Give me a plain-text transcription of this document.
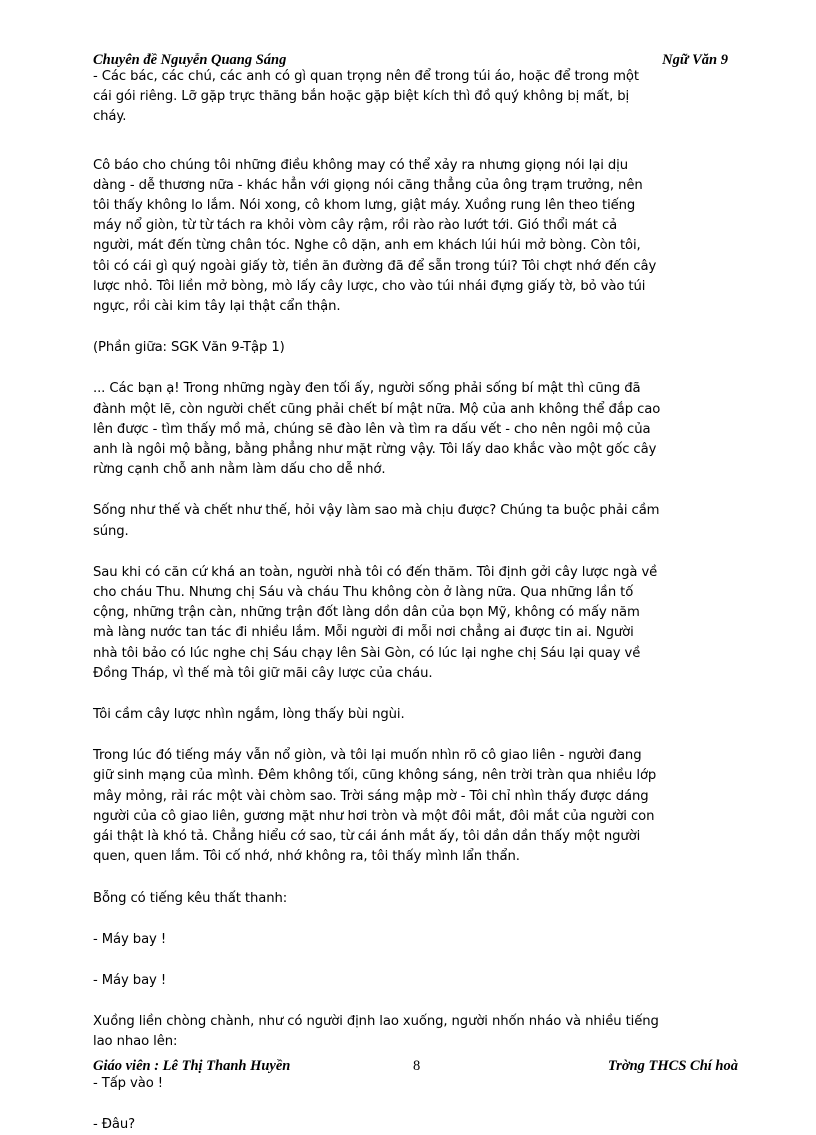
Chuyên đề Nguyễn Quang Sáng	Ngữ Văn 9

- Các bác, các chú, các anh có gì quan trọng nên để trong túi áo, hoặc để trong một
cái gói riêng. Lỡ gặp trực thăng bắn hoặc gặp biệt kích thì đồ quý không bị mất, bị
cháy.

Cô báo cho chúng tôi những điều không may có thể xảy ra nhưng giọng nói lại dịu
dàng - dễ thương nữa - khác hẳn với giọng nói căng thẳng của ông trạm trưởng, nên
tôi thấy không lo lắm. Nói xong, cô khom lưng, giật máy. Xuồng rung lên theo tiếng
máy nổ giòn, từ từ tách ra khỏi vòm cây rậm, rồi rào rào lướt tới. Gió thổi mát cả
người, mát đến từng chân tóc. Nghe cô dặn, anh em khách lúi húi mở bòng. Còn tôi,
tôi có cái gì quý ngoài giấy tờ, tiền ăn đường đã để sẵn trong túi? Tôi chợt nhớ đến cây
lược nhỏ. Tôi liền mở bòng, mò lấy cây lược, cho vào túi nhái đựng giấy tờ, bỏ vào túi
ngực, rồi cài kim tây lại thật cẩn thận.

(Phần giữa: SGK Văn 9-Tập 1)

... Các bạn ạ! Trong những ngày đen tối ấy, người sống phải sống bí mật thì cũng đã
đành một lẽ, còn người chết cũng phải chết bí mật nữa. Mộ của anh không thể đắp cao
lên được - tìm thấy mồ mả, chúng sẽ đào lên và tìm ra dấu vết - cho nên ngôi mộ của
anh là ngôi mộ bằng, bằng phẳng như mặt rừng vậy. Tôi lấy dao khắc vào một gốc cây
rừng cạnh chỗ anh nằm làm dấu cho dễ nhớ.

Sống như thế và chết như thế, hỏi vậy làm sao mà chịu được? Chúng ta buộc phải cầm
súng.

Sau khi có căn cứ khá an toàn, người nhà tôi có đến thăm. Tôi định gởi cây lược ngà về
cho cháu Thu. Nhưng chị Sáu và cháu Thu không còn ở làng nữa. Qua những lần tố
cộng, những trận càn, những trận đốt làng dồn dân của bọn Mỹ, không có mấy năm
mà làng nước tan tác đi nhiều lắm. Mỗi người đi mỗi nơi chẳng ai được tin ai. Người
nhà tôi bảo có lúc nghe chị Sáu chạy lên Sài Gòn, có lúc lại nghe chị Sáu lại quay về
Đồng Tháp, vì thế mà tôi giữ mãi cây lược của cháu.

Tôi cầm cây lược nhìn ngắm, lòng thấy bùi ngùi.

Trong lúc đó tiếng máy vẫn nổ giòn, và tôi lại muốn nhìn rõ cô giao liên - người đang
giữ sinh mạng của mình. Đêm không tối, cũng không sáng, nên trời tràn qua nhiều lớp
mây mỏng, rải rác một vài chòm sao. Trời sáng mập mờ - Tôi chỉ nhìn thấy được dáng
người của cô giao liên, gương mặt như hơi tròn và một đôi mắt, đôi mắt của người con
gái thật là khó tả. Chẳng hiểu cớ sao, từ cái ánh mắt ấy, tôi dần dần thấy một người
quen, quen lắm. Tôi cố nhớ, nhớ không ra, tôi thấy mình lẩn thẩn.

Bỗng có tiếng kêu thất thanh:

- Máy bay !

- Máy bay !

Xuồng liền chòng chành, như có người định lao xuống, người nhốn nháo và nhiều tiếng
lao nhao lên:

- Tấp vào !

- Đâu?

Giáo viên : Lê Thị Thanh Huyền	8	Trờng THCS Chí hoà
